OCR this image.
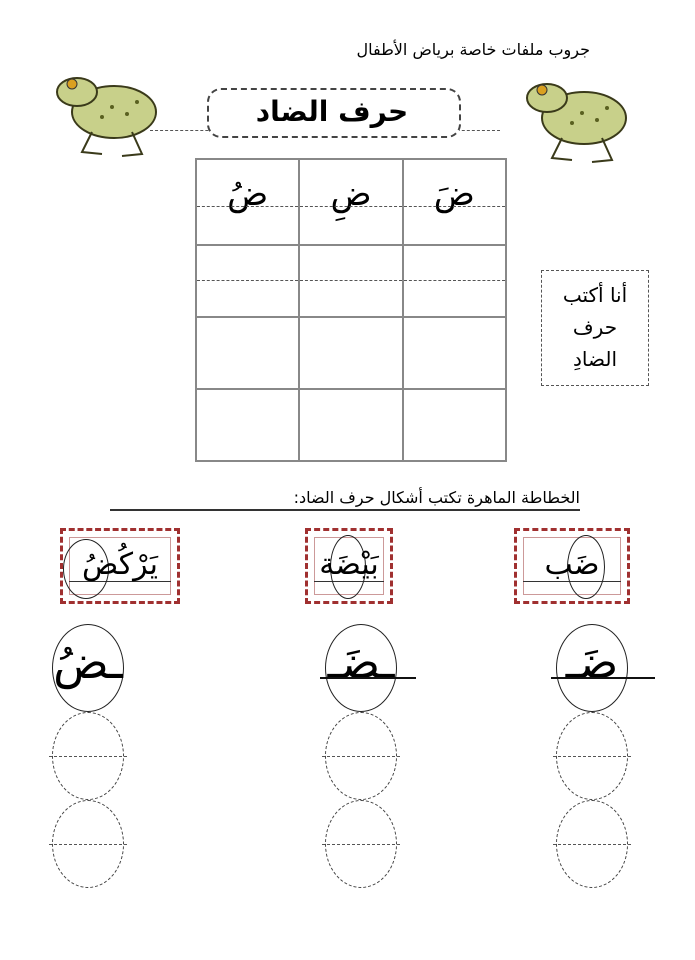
جروب ملفات خاصة برياض الأطفال
حرف الضاد
ضُ	ضِ	ضَ

أنا أكتب
حرف
الضادِ
الخطاطة الماهرة تكتب أشكال حرف الضاد:
ضَب
بَيْضَة
يَرْكُضُ
ضَـ
ـضَـ
ـضُ
